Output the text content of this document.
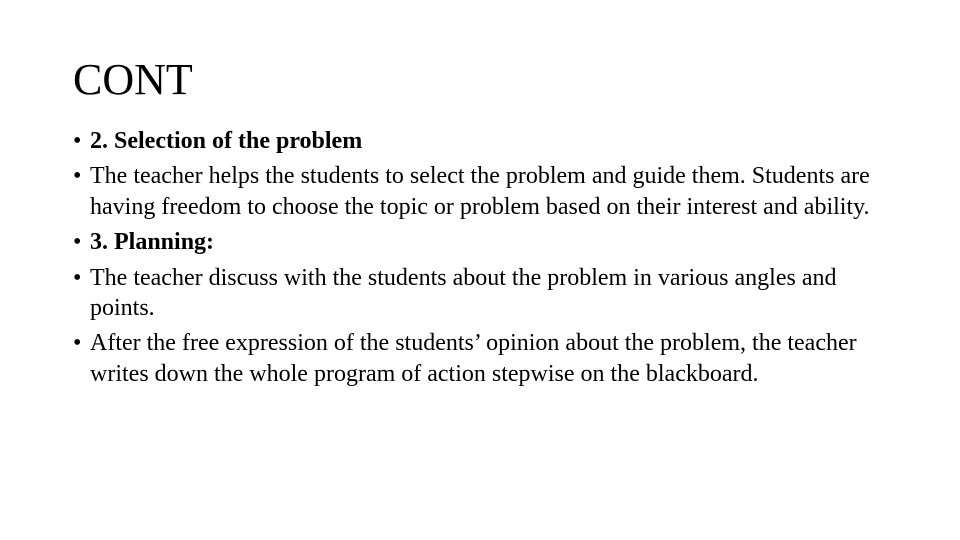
CONT
• 2. Selection of the problem
• The teacher helps the students to select the problem and guide them. Students are having freedom to choose the topic or problem based on their interest and ability.
• 3. Planning:
• The teacher discuss with the students about the problem in various angles and points.
• After the free expression of the students’ opinion about the problem, the teacher writes down the whole program of action stepwise on the blackboard.
